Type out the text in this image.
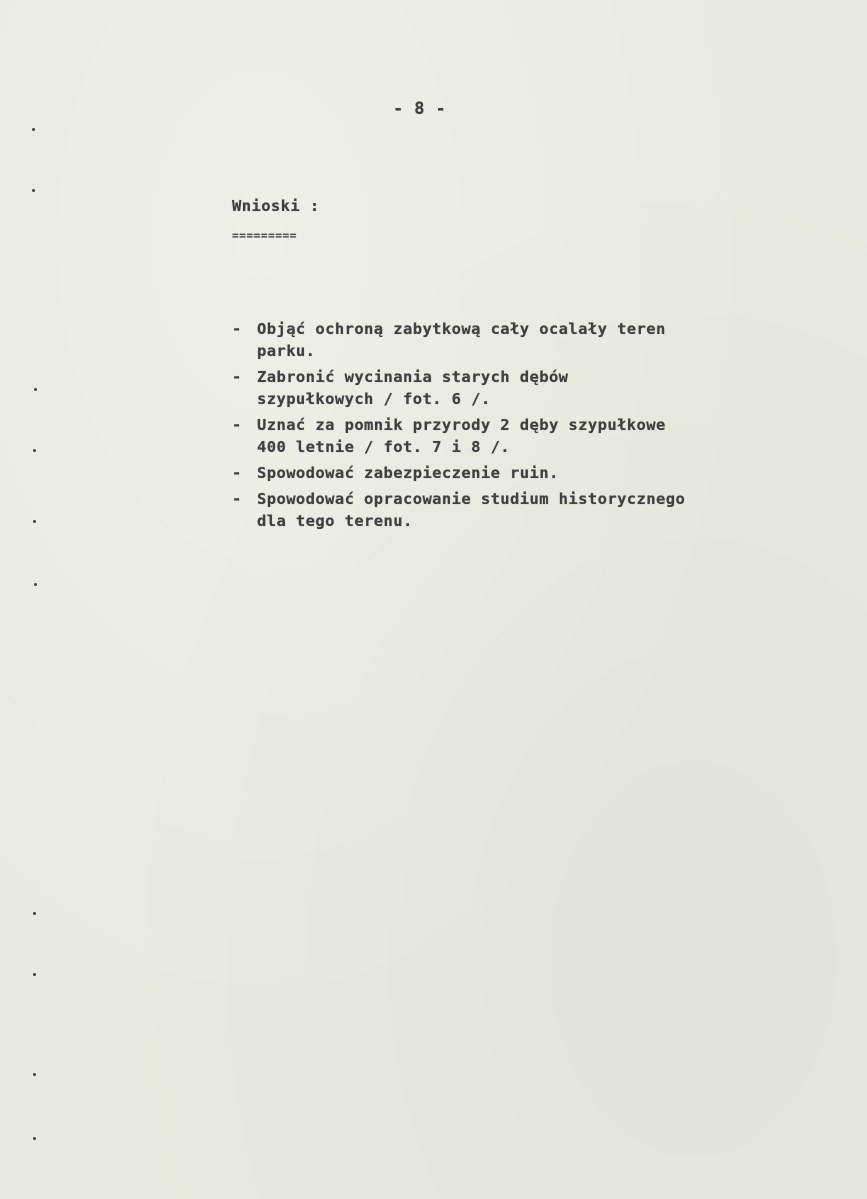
- 8 -
Wnioski :
=========
- Objąć ochroną zabytkową cały ocalały teren
parku.
- Zabronić wycinania starych dębów
szypułkowych / fot. 6 /.
- Uznać za pomnik przyrody 2 dęby szypułkowe
400 letnie / fot. 7 i 8 /.
- Spowodować zabezpieczenie ruin.
- Spowodować opracowanie studium historycznego
dla tego terenu.
